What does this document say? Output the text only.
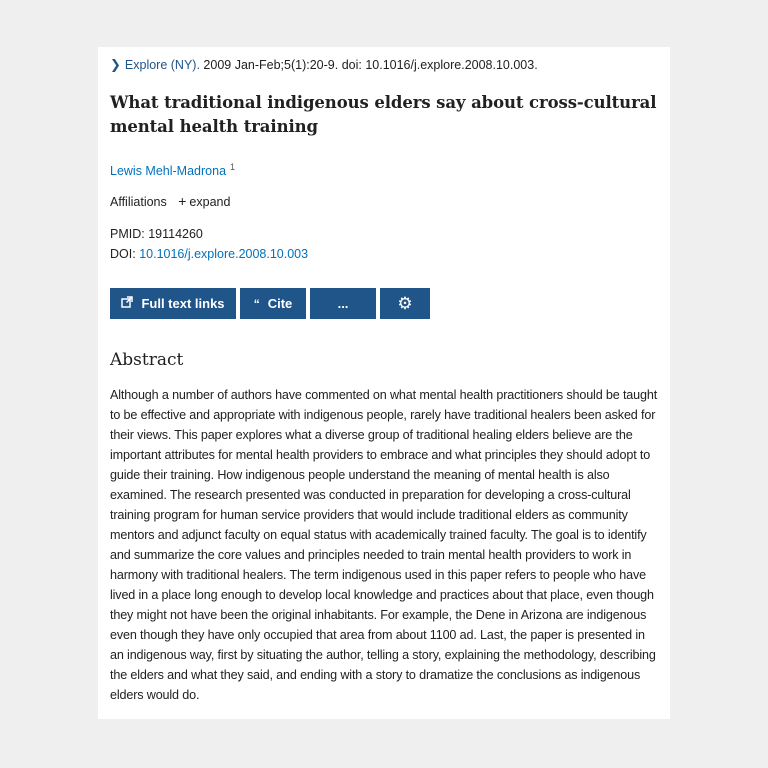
❯ Explore (NY). 2009 Jan-Feb;5(1):20-9. doi: 10.1016/j.explore.2008.10.003.
What traditional indigenous elders say about cross-cultural mental health training
Lewis Mehl-Madrona $^1$
Affiliations + expand
PMID: 19114260
DOI: 10.1016/j.explore.2008.10.003
Full text links “ Cite	...	⚙
Abstract
Although a number of authors have commented on what mental health practitioners should be taught to be effective and appropriate with indigenous people, rarely have traditional healers been asked for their views. This paper explores what a diverse group of traditional healing elders believe are the important attributes for mental health providers to embrace and what principles they should adopt to guide their training. How indigenous people understand the meaning of mental health is also examined. The research presented was conducted in preparation for developing a cross-cultural training program for human service providers that would include traditional elders as community mentors and adjunct faculty on equal status with academically trained faculty. The goal is to identify and summarize the core values and principles needed to train mental health providers to work in harmony with traditional healers. The term indigenous used in this paper refers to people who have lived in a place long enough to develop local knowledge and practices about that place, even though they might not have been the original inhabitants. For example, the Dene in Arizona are indigenous even though they have only occupied that area from about 1100 ad. Last, the paper is presented in an indigenous way, first by situating the author, telling a story, explaining the methodology, describing the elders and what they said, and ending with a story to dramatize the conclusions as indigenous elders would do.
